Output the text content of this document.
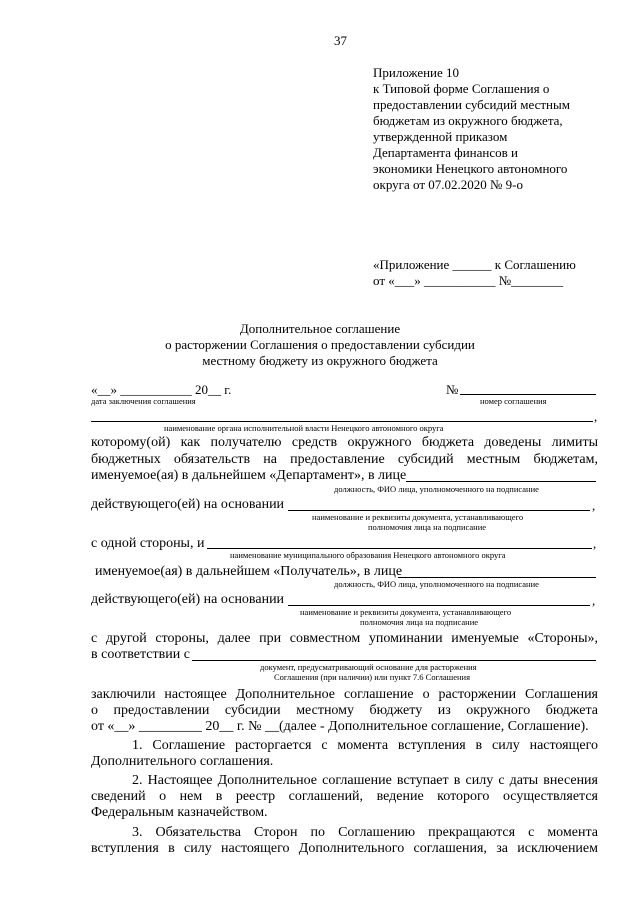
37
Приложение 10
к Типовой форме Соглашения о
предоставлении субсидий местным
бюджетам из окружного бюджета,
утвержденной приказом
Департамента финансов и
экономики Ненецкого автономного
округа от 07.02.2020 № 9-о
«Приложение ______ к Соглашению
от «___» ___________ №________
Дополнительное соглашение
о расторжении Соглашения о предоставлении субсидии
местному бюджету из окружного бюджета
«__» ___________ 20__ г.	№
дата заключения соглашения	номер соглашения
,
наименование органа исполнительной власти Ненецкого автономного округа
которому(ой) как получателю средств окружного бюджета доведены лимиты
бюджетных обязательств на предоставление субсидий местным бюджетам,
именуемое(ая) в дальнейшем «Департамент», в лице
должность, ФИО лица, уполномоченного на подписание
действующего(ей) на основании	,
наименование и реквизиты документа, устанавливающего
полномочия лица на подписание
с одной стороны, и	,
наименование муниципального образования Ненецкого автономного округа
именуемое(ая) в дальнейшем «Получатель», в лице
должность, ФИО лица, уполномоченного на подписание
действующего(ей) на основании	,
наименование и реквизиты документа, устанавливающего
полномочия лица на подписание
с другой стороны, далее при совместном упоминании именуемые «Стороны»,
в соответствии с
документ, предусматривающий основание для расторжения
Соглашения (при наличии) или пункт 7.6 Соглашения
заключили настоящее Дополнительное соглашение о расторжении Соглашения
о предоставлении субсидии местному бюджету из окружного бюджета
от «__» _________ 20__ г. № __(далее - Дополнительное соглашение, Соглашение).
1. Соглашение расторгается с момента вступления в силу настоящего
Дополнительного соглашения.
2. Настоящее Дополнительное соглашение вступает в силу с даты внесения
сведений о нем в реестр соглашений, ведение которого осуществляется
Федеральным казначейством.
3. Обязательства Сторон по Соглашению прекращаются с момента
вступления в силу настоящего Дополнительного соглашения, за исключением
